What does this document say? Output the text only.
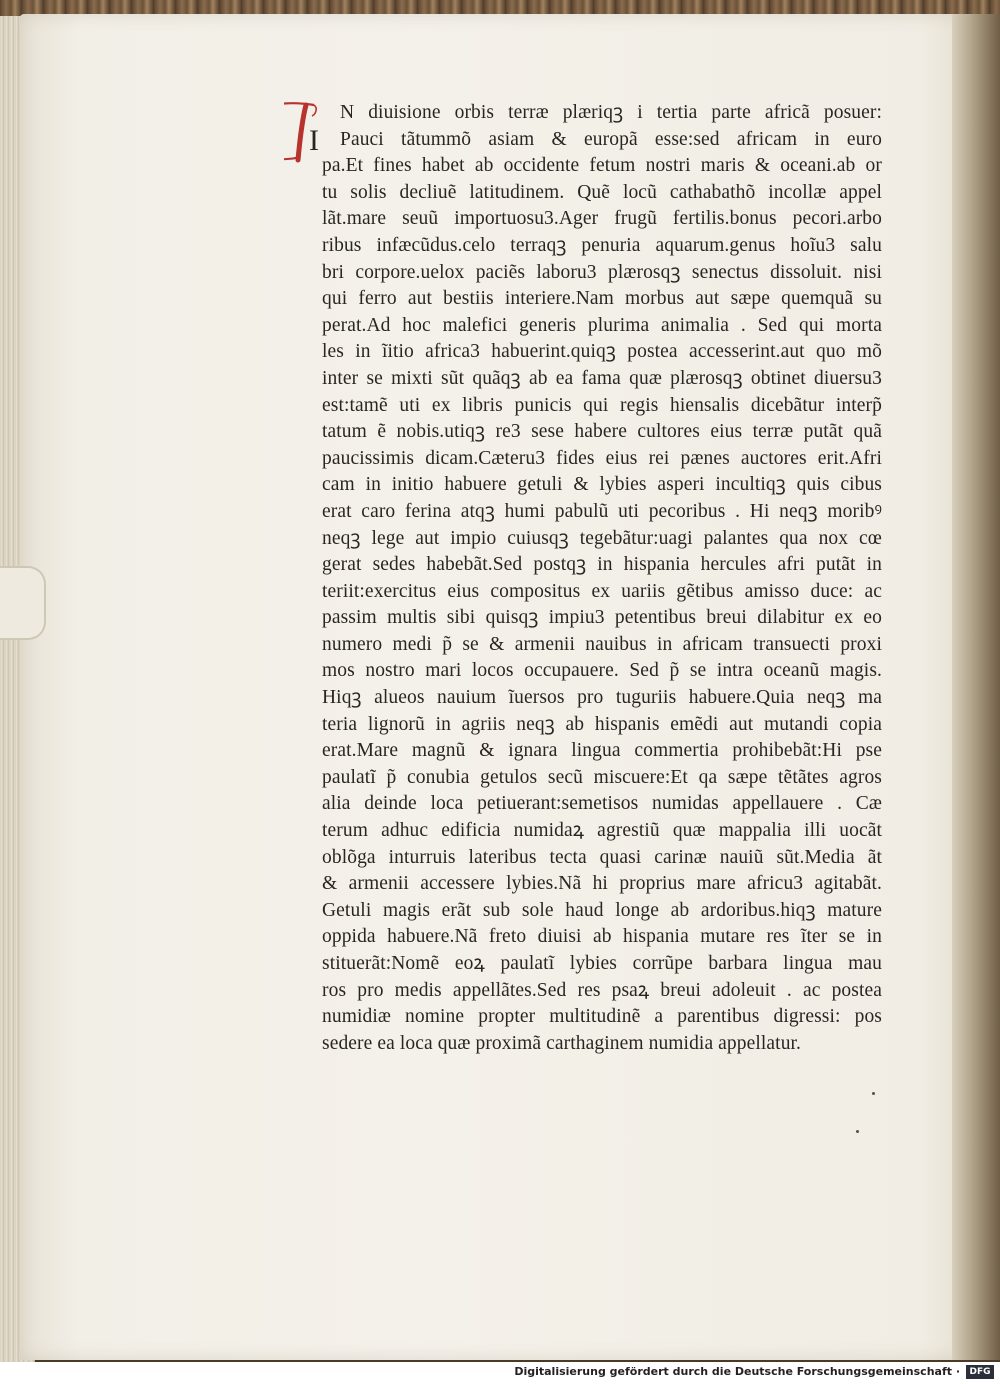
I
N diuisione orbis terræ plæriqꝫ i tertia parte africã posuer:
Pauci tãtummõ asiam & europã esse:sed africam in euro
pa.Et fines habet ab occidente fetum nostri maris & oceani.ab or
tu solis decliuẽ latitudinem. Quẽ locũ cathabathõ incollæ appel
lãt.mare seuũ importuosu3.Ager frugũ fertilis.bonus pecori.arbo
ribus infæcũdus.celo terraqꝫ penuria aquarum.genus hoĩu3 salu
bri corpore.uelox paciẽs laboru3 plærosqꝫ senectus dissoluit. nisi
qui ferro aut bestiis interiere.Nam morbus aut sæpe quemquã su
perat.Ad hoc malefici generis plurima animalia . Sed qui morta
les in ĩitio africa3 habuerint.quiqꝫ postea accesserint.aut quo mõ
inter se mixti sũt quãqꝫ ab ea fama quæ plærosqꝫ obtinet diuersu3
est:tamẽ uti ex libris punicis qui regis hiensalis dicebãtur interp̃
tatum ẽ nobis.utiqꝫ re3 sese habere cultores eius terræ putãt quã
paucissimis dicam.Cæteru3 fides eius rei pænes auctores erit.Afri
cam in initio habuere getuli & lybies asperi incultiqꝫ quis cibus
erat caro ferina atqꝫ humi pabulũ uti pecoribus . Hi neqꝫ moribꝰ
neqꝫ lege aut impio cuiusqꝫ tegebãtur:uagi palantes qua nox cœ
gerat sedes habebãt.Sed postqꝫ in hispania hercules afri putãt in
teriit:exercitus eius compositus ex uariis gẽtibus amisso duce: ac
passim multis sibi quisqꝫ impiu3 petentibus breui dilabitur ex eo
numero medi p̃ se & armenii nauibus in africam transuecti proxi
mos nostro mari locos occupauere. Sed p̃ se intra oceanũ magis.
Hiqꝫ alueos nauium ĩuersos pro tuguriis habuere.Quia neqꝫ ma
teria lignorũ in agriis neqꝫ ab hispanis emẽdi aut mutandi copia
erat.Mare magnũ & ignara lingua commertia prohibebãt:Hi pse
paulatĩ p̃ conubia getulos secũ miscuere:Et qa sæpe tẽtãtes agros
alia deinde loca petiuerant:semetisos numidas appellauere . Cæ
terum adhuc edificia numidaꝝ agrestiũ quæ mappalia illi uocãt
oblõga inturruis lateribus tecta quasi carinæ nauiũ sũt.Media ãt
& armenii accessere lybies.Nã hi proprius mare africu3 agitabãt.
Getuli magis erãt sub sole haud longe ab ardoribus.hiqꝫ mature
oppida habuere.Nã freto diuisi ab hispania mutare res ĩter se in
stituerãt:Nomẽ eoꝝ paulatĩ lybies corrũpe barbara lingua mau
ros pro medis appellãtes.Sed res psaꝝ breui adoleuit . ac postea
numidiæ nomine propter multitudinẽ a parentibus digressi: pos
sedere ea loca quæ proximã carthaginem numidia appellatur.
Digitalisierung gefördert durch die Deutsche Forschungsgemeinschaft ·	DFG
